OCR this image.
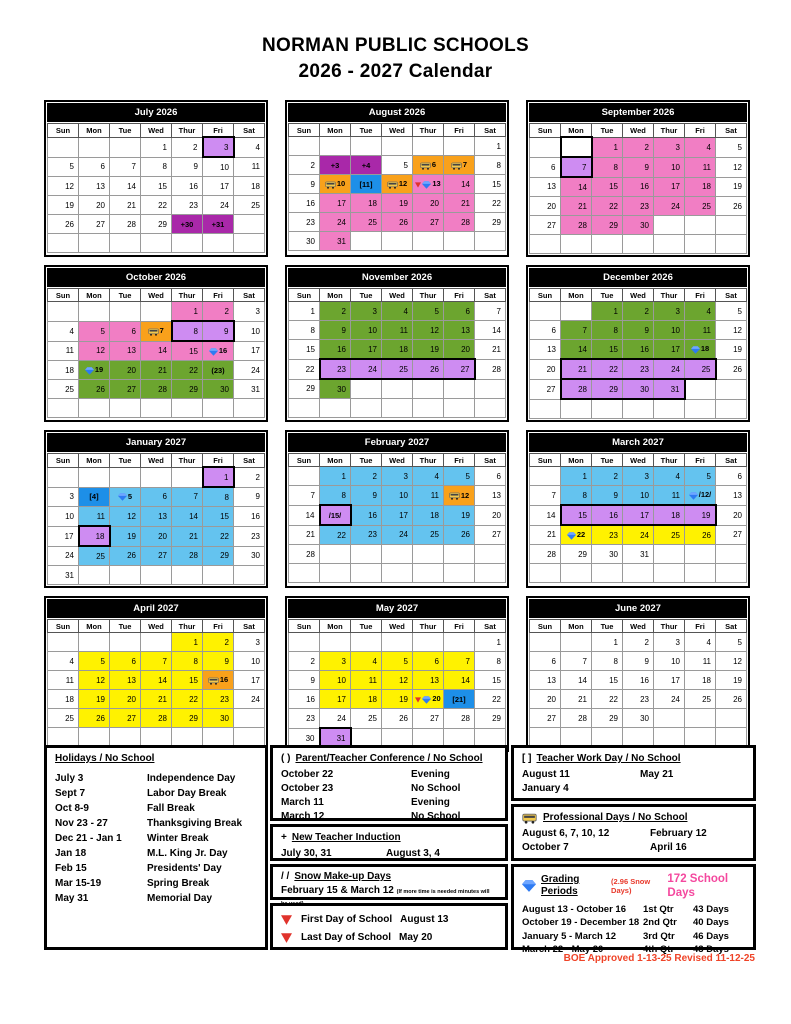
NORMAN PUBLIC SCHOOLS
2026 - 2027 Calendar
July 2026
Sun	Mon	Tue	Wed	Thur	Fri	Sat
			1	2	3	4
5	6	7	8	9	10	11
12	13	14	15	16	17	18
19	20	21	22	23	24	25
26	27	28	29	+30	+31	

August 2026
Sun	Mon	Tue	Wed	Thur	Fri	Sat
						1
2	+3	+4	5	6	7	8
9	10	[11]	12	13	14	15
16	17	18	19	20	21	22
23	24	25	26	27	28	29
30	31					
September 2026
Sun	Mon	Tue	Wed	Thur	Fri	Sat
		1	2	3	4	5
6	7	8	9	10	11	12
13	14	15	16	17	18	19
20	21	22	23	24	25	26
27	28	29	30			

October 2026
Sun	Mon	Tue	Wed	Thur	Fri	Sat
				1	2	3
4	5	6	7	8	9	10
11	12	13	14	15	16	17
18	19	20	21	22	(23)	24
25	26	27	28	29	30	31

November 2026
Sun	Mon	Tue	Wed	Thur	Fri	Sat
1	2	3	4	5	6	7
8	9	10	11	12	13	14
15	16	17	18	19	20	21
22	23	24	25	26	27	28
29	30					

December 2026
Sun	Mon	Tue	Wed	Thur	Fri	Sat
		1	2	3	4	5
6	7	8	9	10	11	12
13	14	15	16	17	18	19
20	21	22	23	24	25	26
27	28	29	30	31		

January 2027
Sun	Mon	Tue	Wed	Thur	Fri	Sat
					1	2
3	[4]	5	6	7	8	9
10	11	12	13	14	15	16
17	18	19	20	21	22	23
24	25	26	27	28	29	30
31						
February 2027
Sun	Mon	Tue	Wed	Thur	Fri	Sat
	1	2	3	4	5	6
7	8	9	10	11	12	13
14	/15/	16	17	18	19	20
21	22	23	24	25	26	27
28						

March 2027
Sun	Mon	Tue	Wed	Thur	Fri	Sat
	1	2	3	4	5	6
7	8	9	10	11	/12/	13
14	15	16	17	18	19	20
21	22	23	24	25	26	27
28	29	30	31			

April 2027
Sun	Mon	Tue	Wed	Thur	Fri	Sat
				1	2	3
4	5	6	7	8	9	10
11	12	13	14	15	16	17
18	19	20	21	22	23	24
25	26	27	28	29	30	

May 2027
Sun	Mon	Tue	Wed	Thur	Fri	Sat
						1
2	3	4	5	6	7	8
9	10	11	12	13	14	15
16	17	18	19	20	[21]	22
23	24	25	26	27	28	29
30	31					
June 2027
Sun	Mon	Tue	Wed	Thur	Fri	Sat
		1	2	3	4	5
6	7	8	9	10	11	12
13	14	15	16	17	18	19
20	21	22	23	24	25	26
27	28	29	30			

Holidays / No School
July 3	Independence Day
Sept 7	Labor Day Break
Oct 8-9	Fall Break
Nov 23 - 27	Thanksgiving Break
Dec 21 - Jan 1	Winter Break
Jan 18	M.L. King Jr. Day
Feb 15	Presidents' Day
Mar 15-19	Spring Break
May 31	Memorial Day
( ) Parent/Teacher Conference / No School
October 22	Evening
October 23	No School
March 11	Evening
March 12	No School
+ New Teacher Induction
July 30, 31	August 3, 4
/ / Snow Make-up Days
February 15 & March 12 (If more time is needed minutes will
First Day of School August 13
Last Day of School May 20
[ ] Teacher Work Day / No School
August 11	May 21
January 4
Professional Days / No School
August 6, 7, 10, 12	February 12
October 7	April 16
Grading Periods
(2.96 Snow Days)
172 School Days
August 13 - October 16	1st Qtr	43 Days
October 19 - December 18 2nd Qtr	40 Days
January 5 - March 12	3rd Qtr	46 Days
March 22 - May 20	4th Qtr	43 Days
BOE Approved 1-13-25 Revised 11-12-25
